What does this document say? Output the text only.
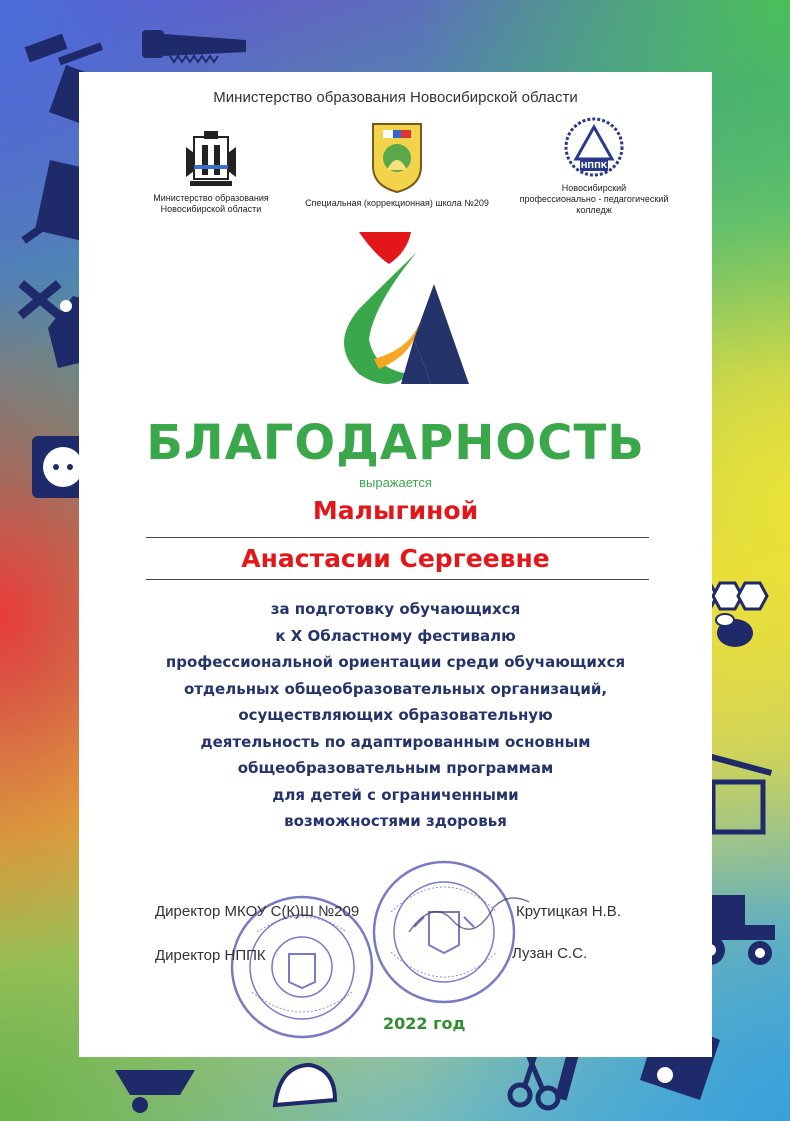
Министерство образования Новосибирской области
Министерство образования
Новосибирской области
Специальная (коррекционная) школа №209
НППК
Новосибирский
профессионально - педагогический
колледж
БЛАГОДАРНОСТЬ
выражается
Малыгиной
Анастасии Сергеевне
за подготовку обучающихся
к X Областному фестивалю
профессиональной ориентации среди обучающихся
отдельных общеобразовательных организаций,
осуществляющих образовательную
деятельность по адаптированным основным
общеобразовательным программам
для детей с ограниченными
возможностями здоровья
Директор МКОУ С(К)Ш №209	Крутицкая Н.В.
Директор НППК	Лузан С.С.
2022 год
